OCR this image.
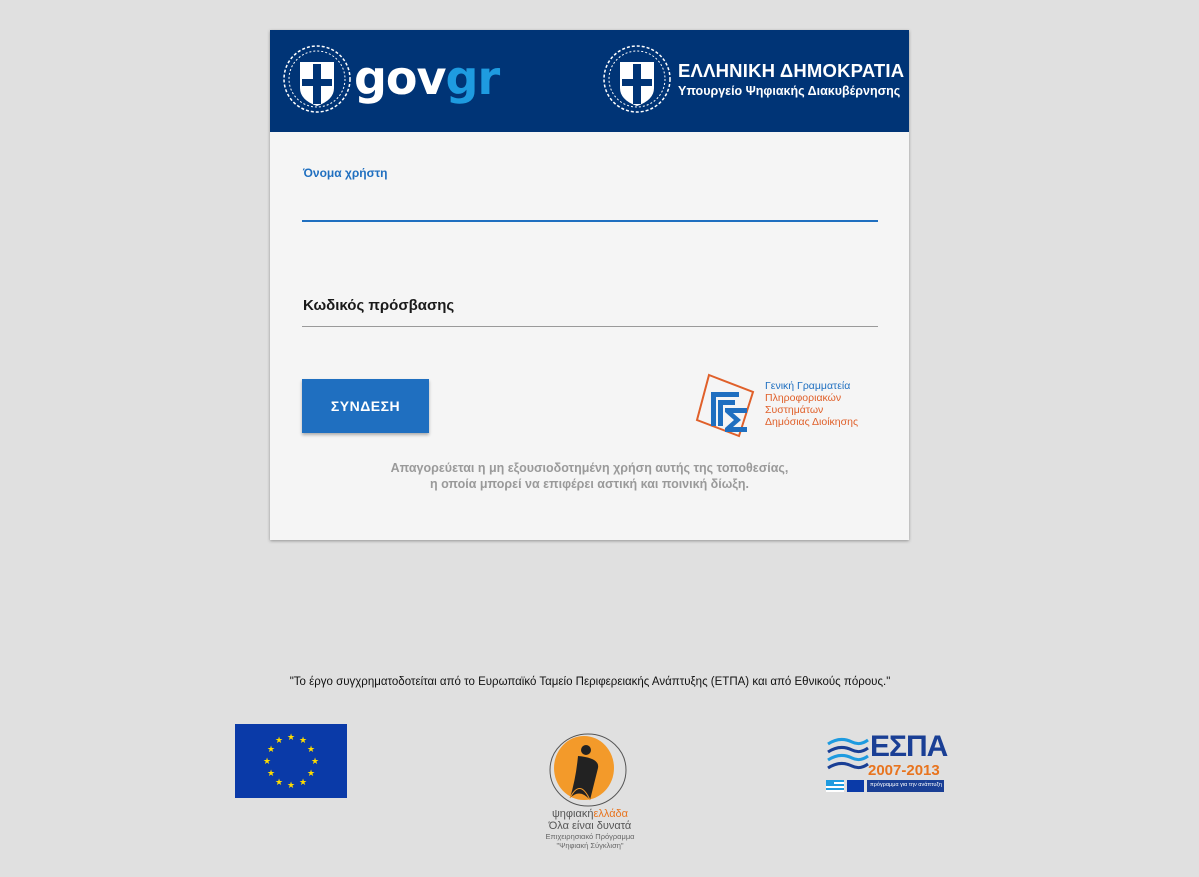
govgr	ΕΛΛΗΝΙΚΗ ΔΗΜΟΚΡΑΤΙΑ
Υπουργείο Ψηφιακής Διακυβέρνησης
Όνομα χρήστη
Κωδικός πρόσβασης
ΣΥΝΔΕΣΗ
Γενική Γραμματεία
Πληροφοριακών
Συστημάτων
Δημόσιας Διοίκησης
Απαγορεύεται η μη εξουσιοδοτημένη χρήση αυτής της τοποθεσίας,
η οποία μπορεί να επιφέρει αστική και ποινική δίωξη.
"Το έργο συγχρηματοδοτείται από το Ευρωπαϊκό Ταμείο Περιφερειακής Ανάπτυξης (ΕΤΠΑ) και από Εθνικούς πόρους."
★ ★
★
★
★
★
★
★
★
★
★
★
ψηφιακήελλάδα
Όλα είναι δυνατά
Επιχειρησιακό Πρόγραμμα
"Ψηφιακή Σύγκλιση"
ΕΣΠΑ
2007-2013
πρόγραμμα για την ανάπτυξη
